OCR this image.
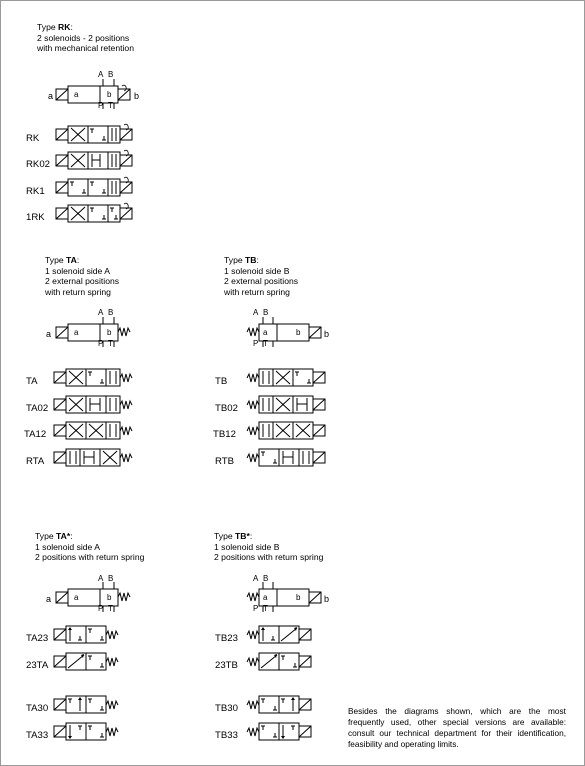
Type RK:
2 solenoids - 2 positions
with mechanical retention
a	b
A B
P T
a	b
RK
RK02
RK1
1RK
Type TA:
1 solenoid side A
2 external positions
with return spring
a
A B
P T
a	b
TA
TA02
TA12
RTA
Type TB:
1 solenoid side B
2 external positions
with return spring
b
A B
P T
a	b
TB
TB02
TB12
RTB
Type TA*:
1 solenoid side A
2 positions with return spring
a
A B
P T
a	b
TA23
23TA
TA30
TA33
Type TB*:
1 solenoid side B
2 positions with return spring
b
A B
P T
a	b
TB23
23TB
TB30
TB33

Besides the diagrams shown, which are the most frequently used, other special versions are available: consult our technical department for their identification, feasibility and operating limits.
